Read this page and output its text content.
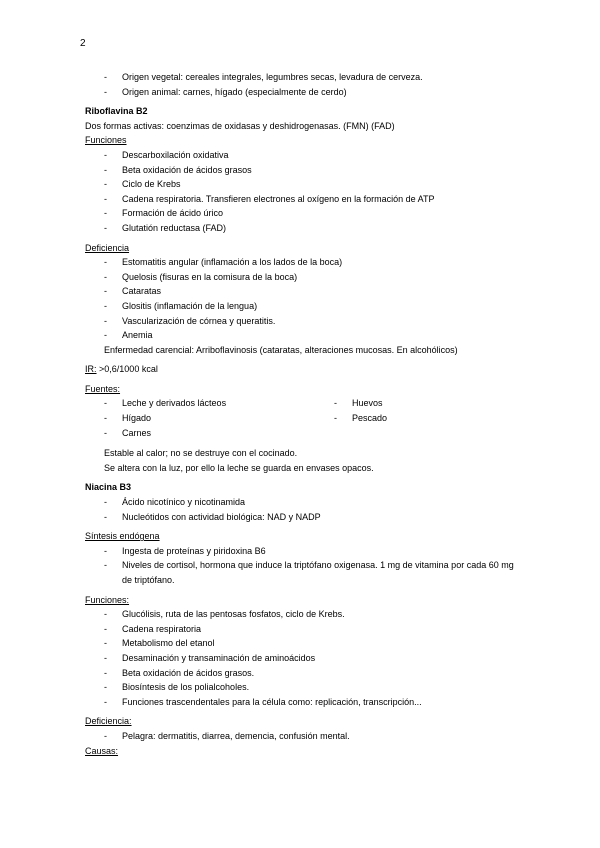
2
- Origen vegetal: cereales integrales, legumbres secas, levadura de cerveza.
- Origen animal: carnes, hígado (especialmente de cerdo)
Riboflavina B2
Dos formas activas: coenzimas de oxidasas y deshidrogenasas. (FMN) (FAD)
Funciones
- Descarboxilación oxidativa
- Beta oxidación de ácidos grasos
- Ciclo de Krebs
- Cadena respiratoria. Transfieren electrones al oxígeno en la formación de ATP
- Formación de ácido úrico
- Glutatión reductasa (FAD)
Deficiencia
- Estomatitis angular (inflamación a los lados de la boca)
- Quelosis (fisuras en la comisura de la boca)
- Cataratas
- Glositis (inflamación de la lengua)
- Vascularización de córnea y queratitis.
- Anemia
Enfermedad carencial: Arriboflavinosis (cataratas, alteraciones mucosas. En alcohólicos)
IR: >0,6/1000 kcal
Fuentes:
- Leche y derivados lácteos
- Hígado
- Carnes
- Huevos
- Pescado
Estable al calor; no se destruye con el cocinado.
Se altera con la luz, por ello la leche se guarda en envases opacos.
Niacina B3
- Ácido nicotínico y nicotinamida
- Nucleótidos con actividad biológica: NAD y NADP
Síntesis endógena
- Ingesta de proteínas y piridoxina B6
- Niveles de cortisol, hormona que induce la triptófano oxigenasa. 1 mg de vitamina por cada 60 mg de triptófano.
Funciones:
- Glucólisis, ruta de las pentosas fosfatos, ciclo de Krebs.
- Cadena respiratoria
- Metabolismo del etanol
- Desaminación y transaminación de aminoácidos
- Beta oxidación de ácidos grasos.
- Biosíntesis de los polialcoholes.
- Funciones trascendentales para la célula como: replicación, transcripción...
Deficiencia:
- Pelagra: dermatitis, diarrea, demencia, confusión mental.
Causas:
